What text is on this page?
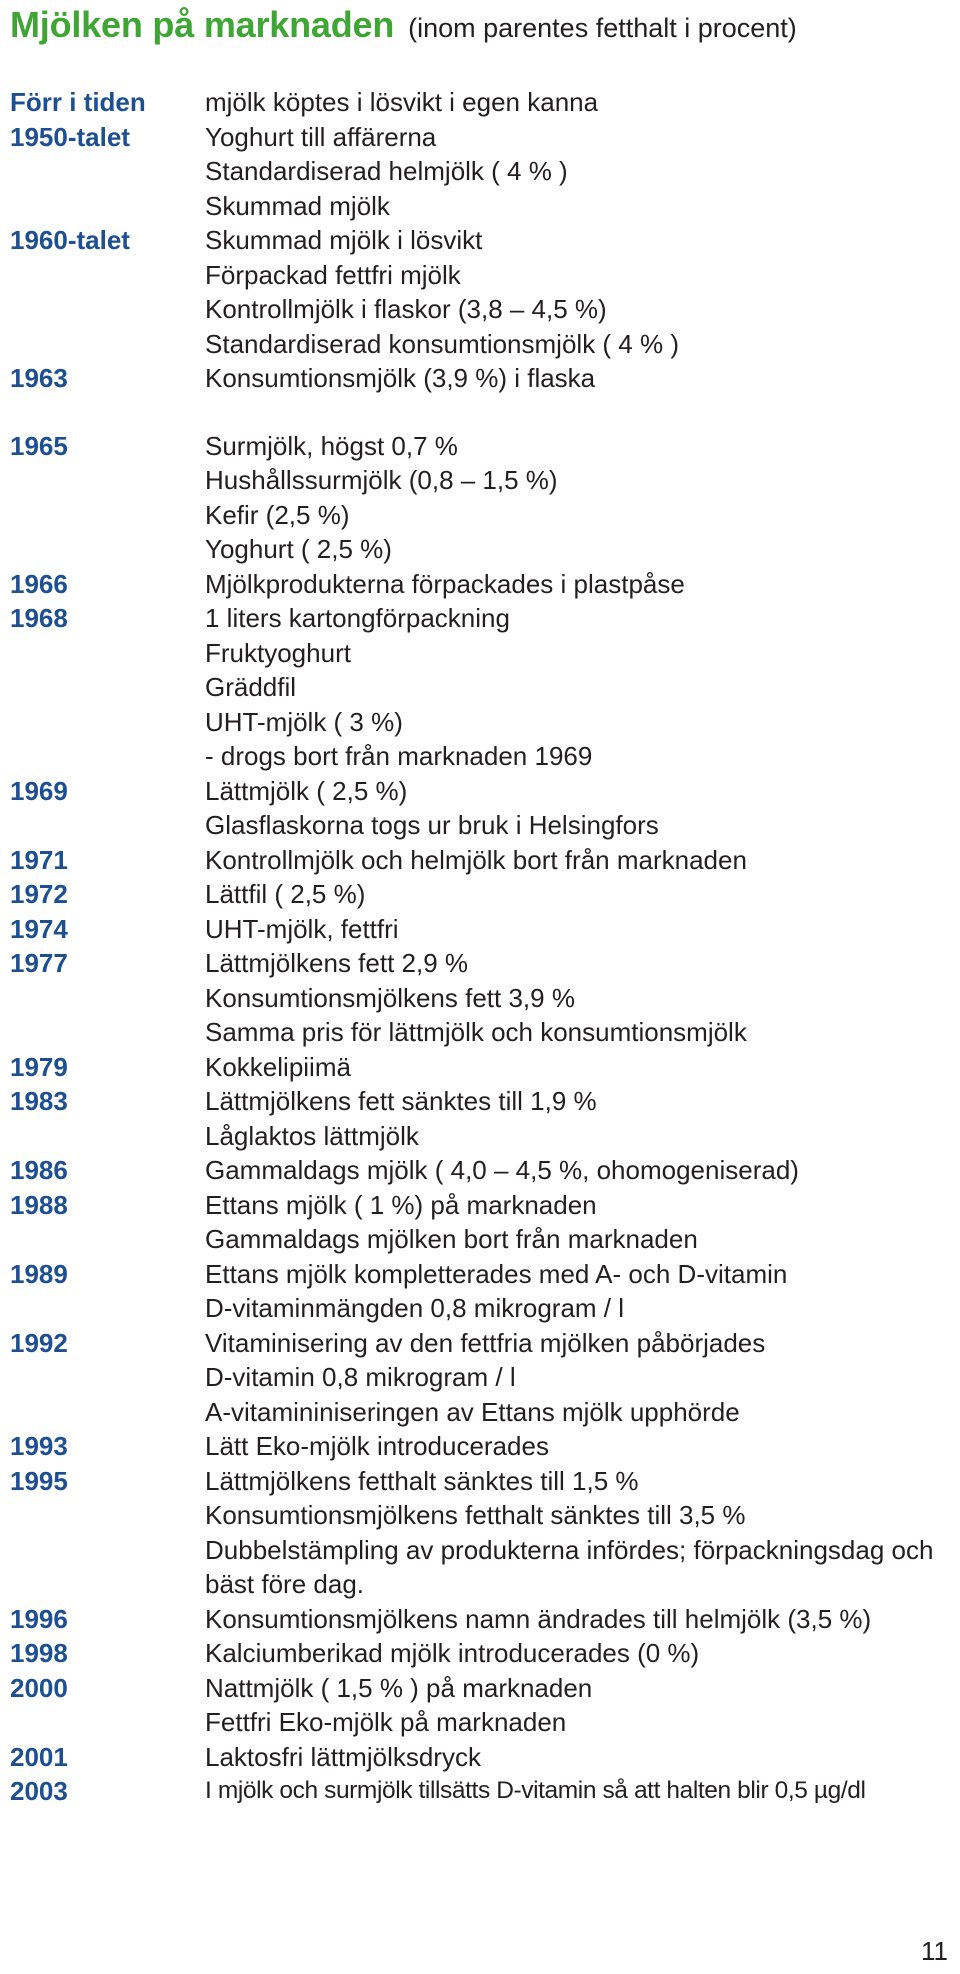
Mjölken på marknaden (inom parentes fetthalt i procent)
Förr i tiden	mjölk köptes i lösvikt i egen kanna
1950-talet	Yoghurt till affärerna
Standardiserad helmjölk ( 4 % )
Skummad mjölk
1960-talet	Skummad mjölk i lösvikt
Förpackad fettfri mjölk
Kontrollmjölk i flaskor (3,8 – 4,5 %)
Standardiserad konsumtionsmjölk ( 4 % )
1963	Konsumtionsmjölk (3,9 %) i flaska
1965	Surmjölk, högst 0,7 %
Hushållssurmjölk (0,8 – 1,5 %)
Kefir (2,5 %)
Yoghurt ( 2,5 %)
1966	Mjölkprodukterna förpackades i plastpåse
1968	1 liters kartongförpackning
Fruktyoghurt
Gräddfil
UHT-mjölk ( 3 %)
- drogs bort från marknaden 1969
1969	Lättmjölk ( 2,5 %)
Glasflaskorna togs ur bruk i Helsingfors
1971	Kontrollmjölk och helmjölk bort från marknaden
1972	Lättfil ( 2,5 %)
1974	UHT-mjölk, fettfri
1977	Lättmjölkens fett 2,9 %
Konsumtionsmjölkens fett 3,9 %
Samma pris för lättmjölk och konsumtionsmjölk
1979	Kokkelipiimä
1983	Lättmjölkens fett sänktes till 1,9 %
Låglaktos lättmjölk
1986	Gammaldags mjölk ( 4,0 – 4,5 %, ohomogeniserad)
1988	Ettans mjölk ( 1 %) på marknaden
Gammaldags mjölken bort från marknaden
1989	Ettans mjölk kompletterades med A- och D-vitamin
D-vitaminmängden 0,8 mikrogram / l
1992	Vitaminisering av den fettfria mjölken påbörjades
D-vitamin 0,8 mikrogram / l
A-vitamininiseringen av Ettans mjölk upphörde
1993	Lätt Eko-mjölk introducerades
1995	Lättmjölkens fetthalt sänktes till 1,5 %
Konsumtionsmjölkens fetthalt sänktes till 3,5 %
Dubbelstämpling av produkterna infördes; förpackningsdag och bäst före dag.
1996	Konsumtionsmjölkens namn ändrades till helmjölk (3,5 %)
1998	Kalciumberikad mjölk introducerades (0 %)
2000	Nattmjölk ( 1,5 % ) på marknaden
Fettfri Eko-mjölk på marknaden
2001	Laktosfri lättmjölksdryck
2003	I mjölk och surmjölk tillsätts D-vitamin så att halten blir 0,5 µg/dl
11
